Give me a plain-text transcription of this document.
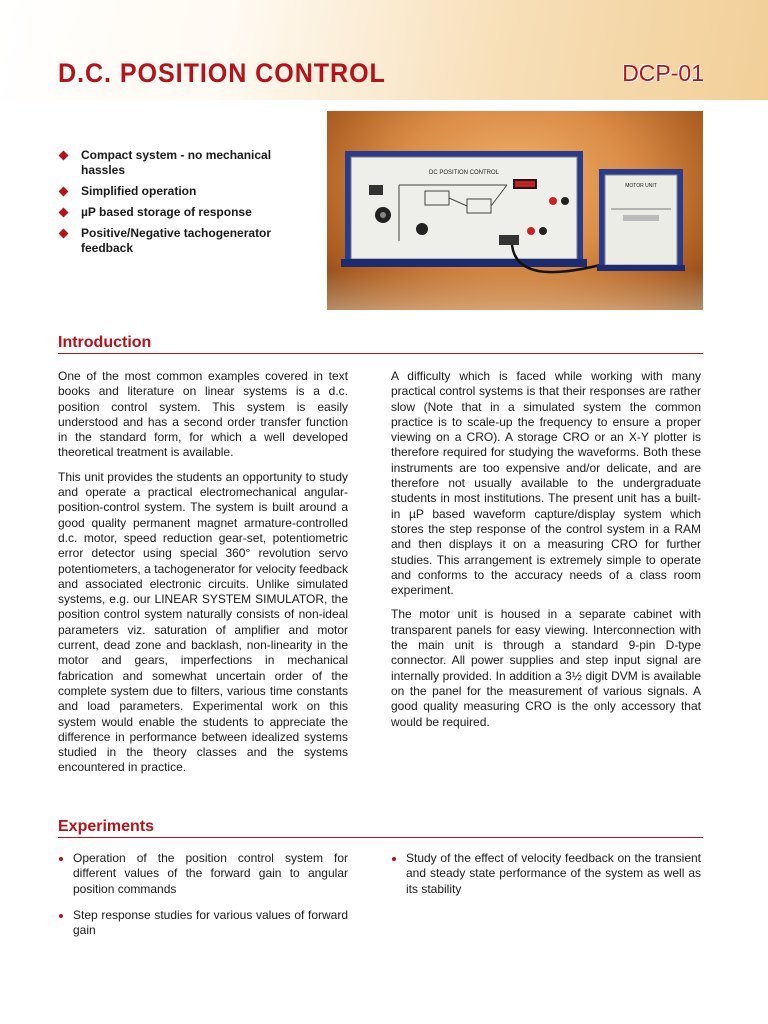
D.C. POSITION CONTROL	DCP-01
Compact system - no mechanical hassles
Simplified operation
µP based storage of response
Positive/Negative tachogenerator feedback
DC POSITION CONTROL
MOTOR UNIT
Introduction

One of the most common examples covered in text books and literature on linear systems is a d.c. position control system. This system is easily understood and has a second order transfer function in the standard form, for which a well developed theoretical treatment is available.

This unit provides the students an opportunity to study and operate a practical electromechanical angular-position-control system. The system is built around a good quality permanent magnet armature-controlled d.c. motor, speed reduction gear-set, potentiometric error detector using special 360° revolution servo potentiometers, a tachogenerator for velocity feedback and associated electronic circuits. Unlike simulated systems, e.g. our LINEAR SYSTEM SIMULATOR, the position control system naturally consists of non-ideal parameters viz. saturation of amplifier and motor current, dead zone and backlash, non-linearity in the motor and gears, imperfections in mechanical fabrication and somewhat uncertain order of the complete system due to filters, various time constants and load parameters. Experimental work on this system would enable the students to appreciate the difference in performance between idealized systems studied in the theory classes and the systems encountered in practice.

A difficulty which is faced while working with many practical control systems is that their responses are rather slow (Note that in a simulated system the common practice is to scale-up the frequency to ensure a proper viewing on a CRO). A storage CRO or an X-Y plotter is therefore required for studying the waveforms. Both these instruments are too expensive and/or delicate, and are therefore not usually available to the undergraduate students in most institutions. The present unit has a built-in µP based waveform capture/display system which stores the step response of the control system in a RAM and then displays it on a measuring CRO for further studies. This arrangement is extremely simple to operate and conforms to the accuracy needs of a class room experiment.

The motor unit is housed in a separate cabinet with transparent panels for easy viewing. Interconnection with the main unit is through a standard 9-pin D-type connector. All power supplies and step input signal are internally provided. In addition a 3½ digit DVM is available on the panel for the measurement of various signals. A good quality measuring CRO is the only accessory that would be required.

Experiments
Operation of the position control system for different values of the forward gain to angular position commands
Step response studies for various values of forward gain
Study of the effect of velocity feedback on the transient and steady state performance of the system as well as its stability
